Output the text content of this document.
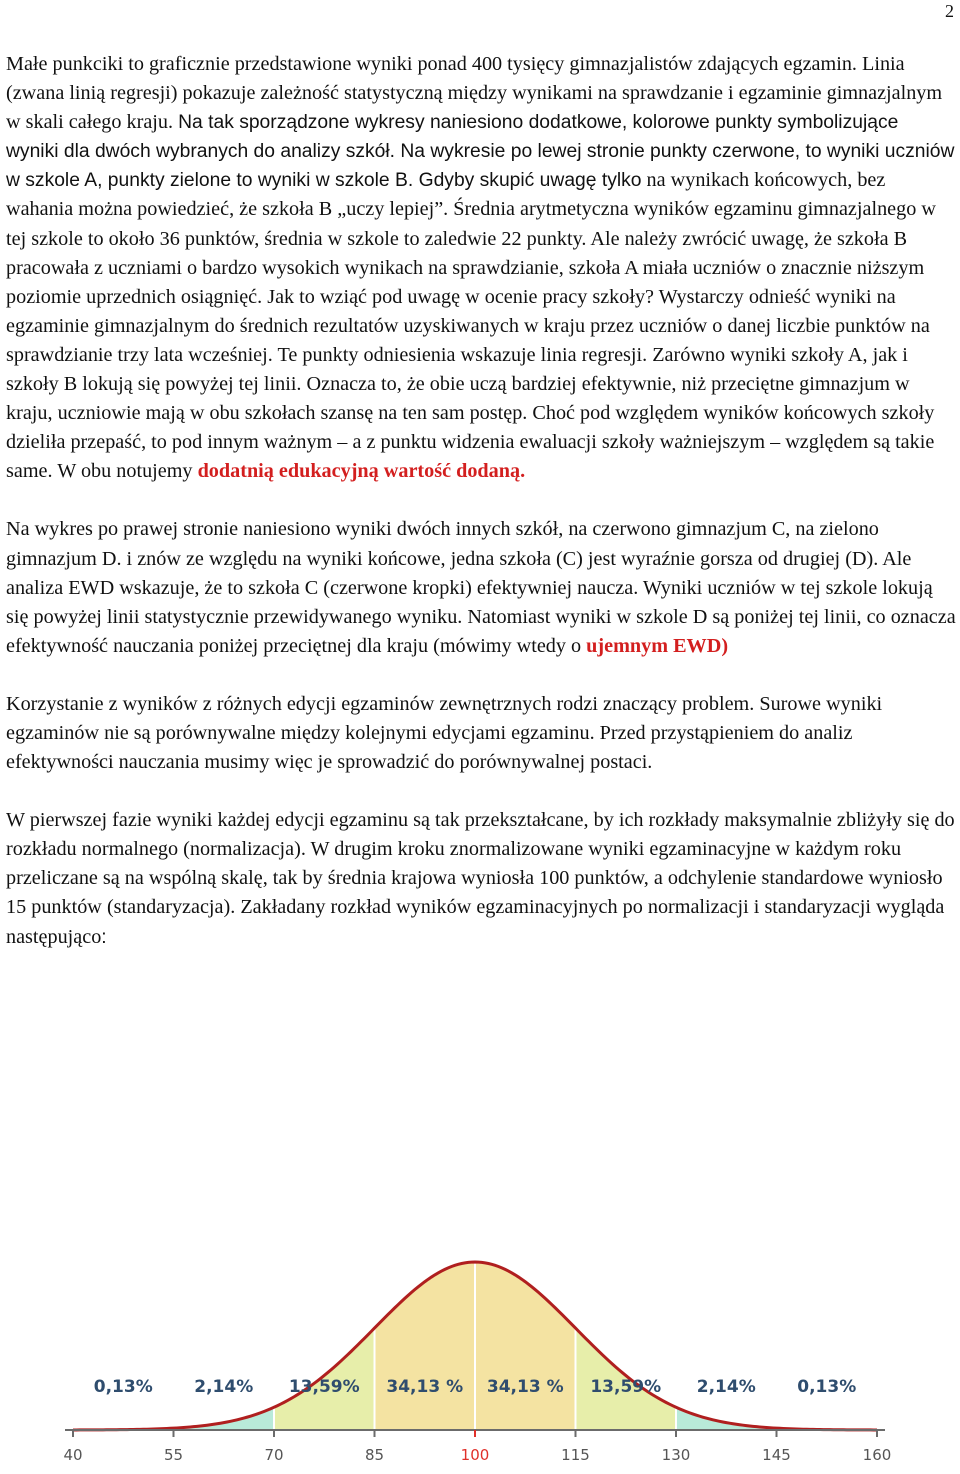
2

Małe punkciki to graficznie przedstawione wyniki ponad 400 tysięcy gimnazjalistów zdających egzamin. Linia (zwana linią regresji) pokazuje zależność statystyczną między wynikami na sprawdzanie i egzaminie gimnazjalnym w skali całego kraju. Na tak sporządzone wykresy naniesiono dodatkowe, kolorowe punkty symbolizujące wyniki dla dwóch wybranych do analizy szkół. Na wykresie po lewej stronie punkty czerwone, to wyniki uczniów w szkole A, punkty zielone to wyniki w szkole B. Gdyby skupić uwagę tylko na wynikach końcowych, bez wahania można powiedzieć, że szkoła B „uczy lepiej”. Średnia arytmetyczna wyników egzaminu gimnazjalnego w tej szkole to około 36 punktów, średnia w szkole to zaledwie 22 punkty. Ale należy zwrócić uwagę, że szkoła B pracowała z uczniami o bardzo wysokich wynikach na sprawdzianie, szkoła A miała uczniów o znacznie niższym poziomie uprzednich osiągnięć. Jak to wziąć pod uwagę w ocenie pracy szkoły? Wystarczy odnieść wyniki na egzaminie gimnazjalnym do średnich rezultatów uzyskiwanych w kraju przez uczniów o danej liczbie punktów na sprawdzianie trzy lata wcześniej. Te punkty odniesienia wskazuje linia regresji. Zarówno wyniki szkoły A, jak i szkoły B lokują się powyżej tej linii. Oznacza to, że obie uczą bardziej efektywnie, niż przeciętne gimnazjum w kraju, uczniowie mają w obu szkołach szansę na ten sam postęp. Choć pod względem wyników końcowych szkoły dzieliła przepaść, to pod innym ważnym – a z punktu widzenia ewaluacji szkoły ważniejszym – względem są takie same. W obu notujemy dodatnią edukacyjną wartość dodaną.

Na wykres po prawej stronie naniesiono wyniki dwóch innych szkół, na czerwono gimnazjum C, na zielono gimnazjum D. i znów ze względu na wyniki końcowe, jedna szkoła (C) jest wyraźnie gorsza od drugiej (D). Ale analiza EWD wskazuje, że to szkoła C (czerwone kropki) efektywniej naucza. Wyniki uczniów w tej szkole lokują się powyżej linii statystycznie przewidywanego wyniku. Natomiast wyniki w szkole D są poniżej tej linii, co oznacza efektywność nauczania poniżej przeciętnej dla kraju (mówimy wtedy o ujemnym EWD)

Korzystanie z wyników z różnych edycji egzaminów zewnętrznych rodzi znaczący problem. Surowe wyniki egzaminów nie są porównywalne między kolejnymi edycjami egzaminu. Przed przystąpieniem do analiz efektywności nauczania musimy więc je sprowadzić do porównywalnej postaci.

W pierwszej fazie wyniki każdej edycji egzaminu są tak przekształcane, by ich rozkłady maksymalnie zbliżyły się do rozkładu normalnego (normalizacja). W drugim kroku znormalizowane wyniki egzaminacyjne w każdym roku przeliczane są na wspólną skalę, tak by średnia krajowa wyniosła 100 punktów, a odchylenie standardowe wyniosło 15 punktów (standaryzacja). Zakładany rozkład wyników egzaminacyjnych po normalizacji i standaryzacji wygląda następująco:

40	55	70	85	100	115	130	145	160
0,13% 2,14% 13,59% 34,13 % 34,13 % 13,59% 2,14% 0,13%
